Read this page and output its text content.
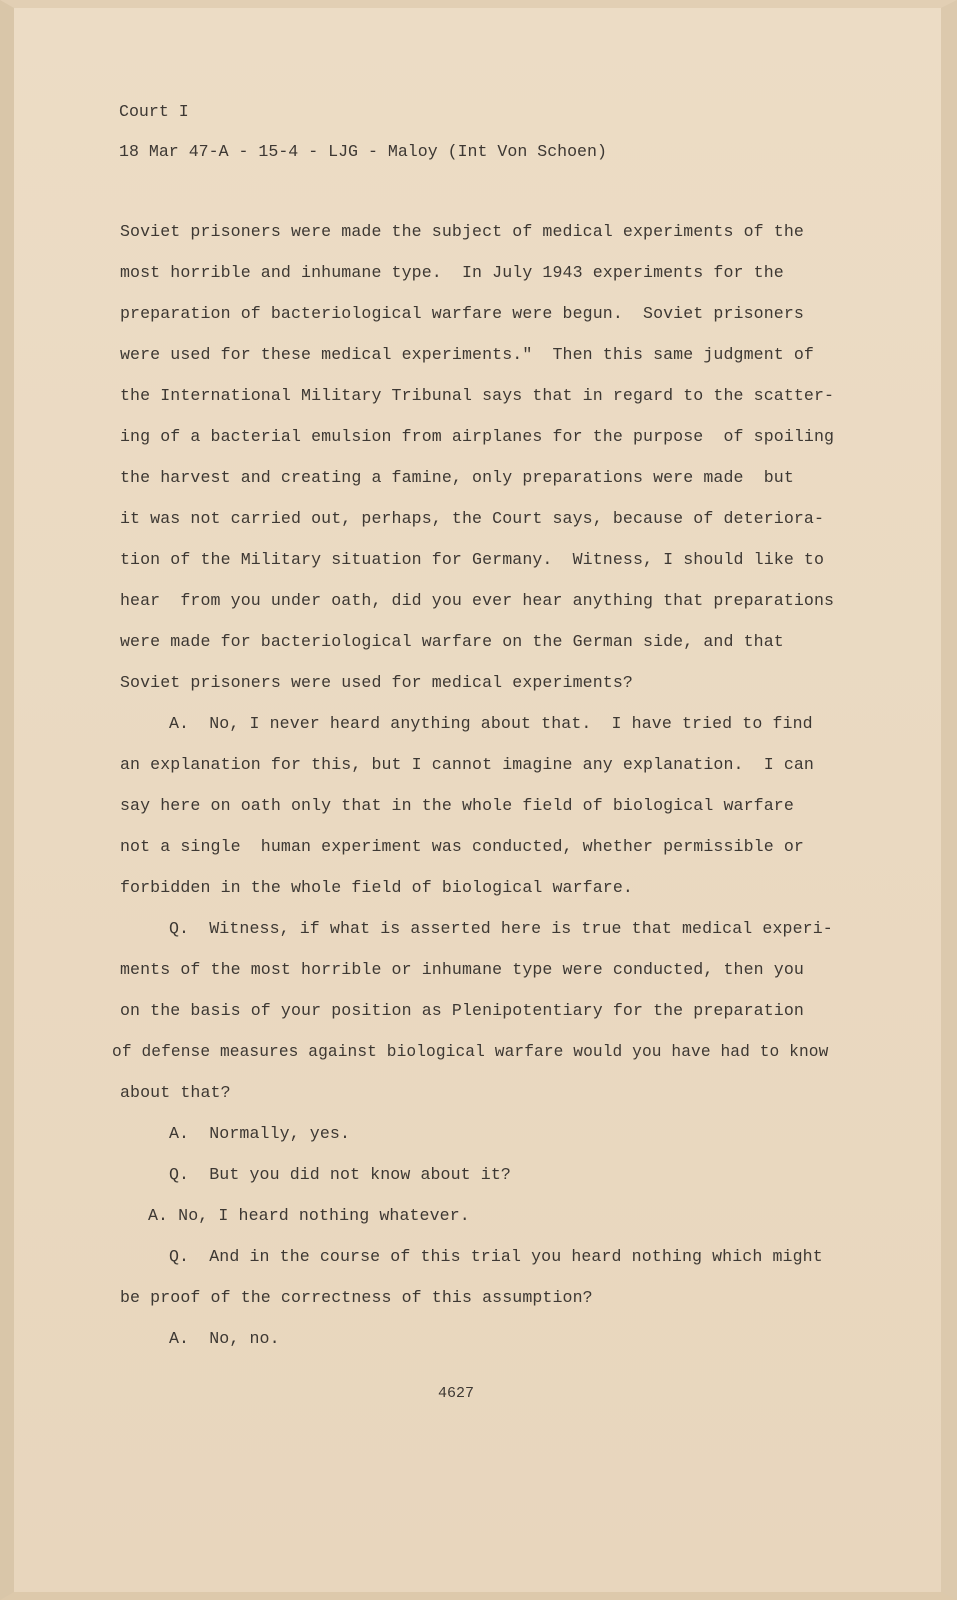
Court I
18 Mar 47-A - 15-4 - LJG - Maloy (Int Von Schoen)
Soviet prisoners were made the subject of medical experiments of the
most horrible and inhumane type.  In July 1943 experiments for the
preparation of bacteriological warfare were begun.  Soviet prisoners
were used for these medical experiments."  Then this same judgment of
the International Military Tribunal says that in regard to the scatter-
ing of a bacterial emulsion from airplanes for the purpose  of spoiling
the harvest and creating a famine, only preparations were made  but
it was not carried out, perhaps, the Court says, because of deteriora-
tion of the Military situation for Germany.  Witness, I should like to
hear  from you under oath, did you ever hear anything that preparations
were made for bacteriological warfare on the German side, and that
Soviet prisoners were used for medical experiments?
A.  No, I never heard anything about that.  I have tried to find
an explanation for this, but I cannot imagine any explanation.  I can
say here on oath only that in the whole field of biological warfare
not a single  human experiment was conducted, whether permissible or
forbidden in the whole field of biological warfare.
Q.  Witness, if what is asserted here is true that medical experi-
ments of the most horrible or inhumane type were conducted, then you
on the basis of your position as Plenipotentiary for the preparation
of defense measures against biological warfare would you have had to know
about that?
A.  Normally, yes.
Q.  But you did not know about it?
A. No, I heard nothing whatever.
Q.  And in the course of this trial you heard nothing which might
be proof of the correctness of this assumption?
A.  No, no.
4627
